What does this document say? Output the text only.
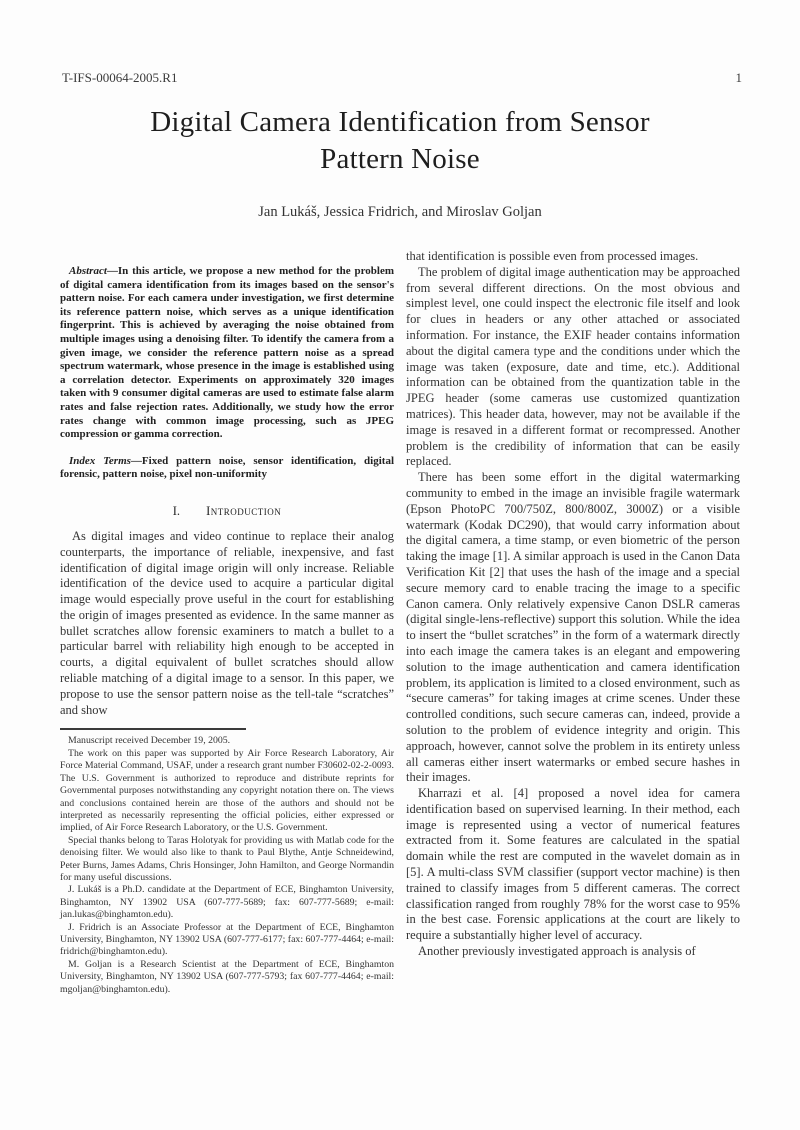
T-IFS-00064-2005.R1	1
Digital Camera Identification from Sensor
Pattern Noise
Jan Lukáš, Jessica Fridrich, and Miroslav Goljan

Abstract—In this article, we propose a new method for the problem of digital camera identification from its images based on the sensor's pattern noise. For each camera under investigation, we first determine its reference pattern noise, which serves as a unique identification fingerprint. This is achieved by averaging the noise obtained from multiple images using a denoising filter. To identify the camera from a given image, we consider the reference pattern noise as a spread spectrum watermark, whose presence in the image is established using a correlation detector. Experiments on approximately 320 images taken with 9 consumer digital cameras are used to estimate false alarm rates and false rejection rates. Additionally, we study how the error rates change with common image processing, such as JPEG compression or gamma correction.

Index Terms—Fixed pattern noise, sensor identification, digital forensic, pattern noise, pixel non-uniformity

I. Introduction

As digital images and video continue to replace their analog counterparts, the importance of reliable, inexpensive, and fast identification of digital image origin will only increase. Reliable identification of the device used to acquire a particular digital image would especially prove useful in the court for establishing the origin of images presented as evidence. In the same manner as bullet scratches allow forensic examiners to match a bullet to a particular barrel with reliability high enough to be accepted in courts, a digital equivalent of bullet scratches should allow reliable matching of a digital image to a sensor. In this paper, we propose to use the sensor pattern noise as the tell-tale “scratches” and show

Manuscript received December 19, 2005.

The work on this paper was supported by Air Force Research Laboratory, Air Force Material Command, USAF, under a research grant number F30602-02-2-0093. The U.S. Government is authorized to reproduce and distribute reprints for Governmental purposes notwithstanding any copyright notation there on. The views and conclusions contained herein are those of the authors and should not be interpreted as necessarily representing the official policies, either expressed or implied, of Air Force Research Laboratory, or the U.S. Government.

Special thanks belong to Taras Holotyak for providing us with Matlab code for the denoising filter. We would also like to thank to Paul Blythe, Antje Schneidewind, Peter Burns, James Adams, Chris Honsinger, John Hamilton, and George Normandin for many useful discussions.

J. Lukáš is a Ph.D. candidate at the Department of ECE, Binghamton University, Binghamton, NY 13902 USA (607-777-5689; fax: 607-777-5689; e-mail: jan.lukas@binghamton.edu).

J. Fridrich is an Associate Professor at the Department of ECE, Binghamton University, Binghamton, NY 13902 USA (607-777-6177; fax: 607-777-4464; e-mail: fridrich@binghamton.edu).

M. Goljan is a Research Scientist at the Department of ECE, Binghamton University, Binghamton, NY 13902 USA (607-777-5793; fax 607-777-4464; e-mail: mgoljan@binghamton.edu).

that identification is possible even from processed images.

The problem of digital image authentication may be approached from several different directions. On the most obvious and simplest level, one could inspect the electronic file itself and look for clues in headers or any other attached or associated information. For instance, the EXIF header contains information about the digital camera type and the conditions under which the image was taken (exposure, date and time, etc.). Additional information can be obtained from the quantization table in the JPEG header (some cameras use customized quantization matrices). This header data, however, may not be available if the image is resaved in a different format or recompressed. Another problem is the credibility of information that can be easily replaced.

There has been some effort in the digital watermarking community to embed in the image an invisible fragile watermark (Epson PhotoPC 700/750Z, 800/800Z, 3000Z) or a visible watermark (Kodak DC290), that would carry information about the digital camera, a time stamp, or even biometric of the person taking the image [1]. A similar approach is used in the Canon Data Verification Kit [2] that uses the hash of the image and a special secure memory card to enable tracing the image to a specific Canon camera. Only relatively expensive Canon DSLR cameras (digital single-lens-reflective) support this solution. While the idea to insert the “bullet scratches” in the form of a watermark directly into each image the camera takes is an elegant and empowering solution to the image authentication and camera identification problem, its application is limited to a closed environment, such as “secure cameras” for taking images at crime scenes. Under these controlled conditions, such secure cameras can, indeed, provide a solution to the problem of evidence integrity and origin. This approach, however, cannot solve the problem in its entirety unless all cameras either insert watermarks or embed secure hashes in their images.

Kharrazi et al. [4] proposed a novel idea for camera identification based on supervised learning. In their method, each image is represented using a vector of numerical features extracted from it. Some features are calculated in the spatial domain while the rest are computed in the wavelet domain as in [5]. A multi-class SVM classifier (support vector machine) is then trained to classify images from 5 different cameras. The correct classification ranged from roughly 78% for the worst case to 95% in the best case. Forensic applications at the court are likely to require a substantially higher level of accuracy.

Another previously investigated approach is analysis of
